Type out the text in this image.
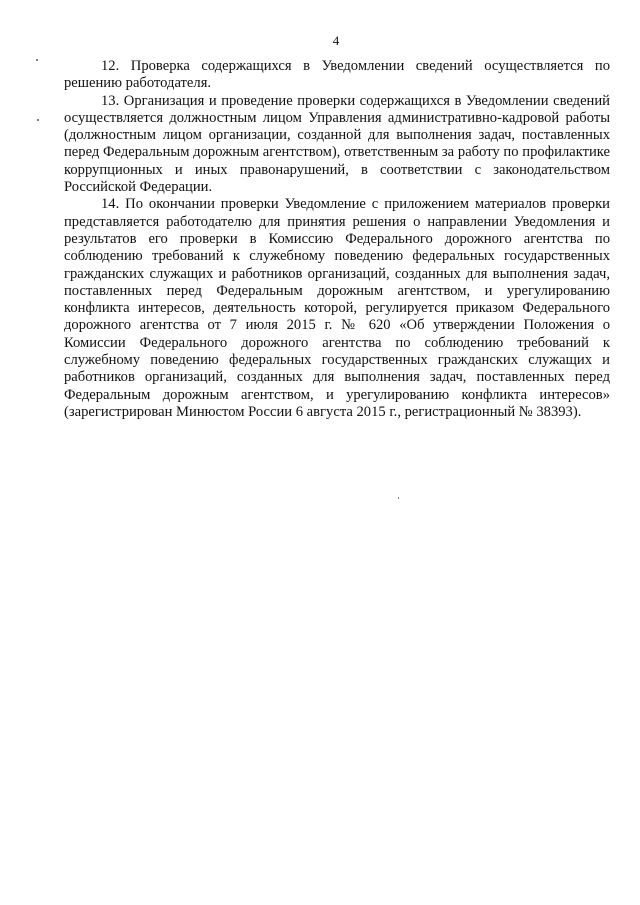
4

12. Проверка содержащихся в Уведомлении сведений осуществляется по решению работодателя.

13. Организация и проведение проверки содержащихся в Уведомлении сведений осуществляется должностным лицом Управления административно-кадровой работы (должностным лицом организации, созданной для выполнения задач, поставленных перед Федеральным дорожным агентством), ответственным за работу по профилактике коррупционных и иных правонарушений, в соответствии с законодательством Российской Федерации.

14. По окончании проверки Уведомление с приложением материалов проверки представляется работодателю для принятия решения о направлении Уведомления и результатов его проверки в Комиссию Федерального дорожного агентства по соблюдению требований к служебному поведению федеральных государственных гражданских служащих и работников организаций, созданных для выполнения задач, поставленных перед Федеральным дорожным агентством, и урегулированию конфликта интересов, деятельность которой, регулируется приказом Федерального дорожного агентства от 7 июля 2015 г. № 620 «Об утверждении Положения о Комиссии Федерального дорожного агентства по соблюдению требований к служебному поведению федеральных государственных гражданских служащих и работников организаций, созданных для выполнения задач, поставленных перед Федеральным дорожным агентством, и урегулированию конфликта интересов» (зарегистрирован Минюстом России 6 августа 2015 г., регистрационный № 38393).
